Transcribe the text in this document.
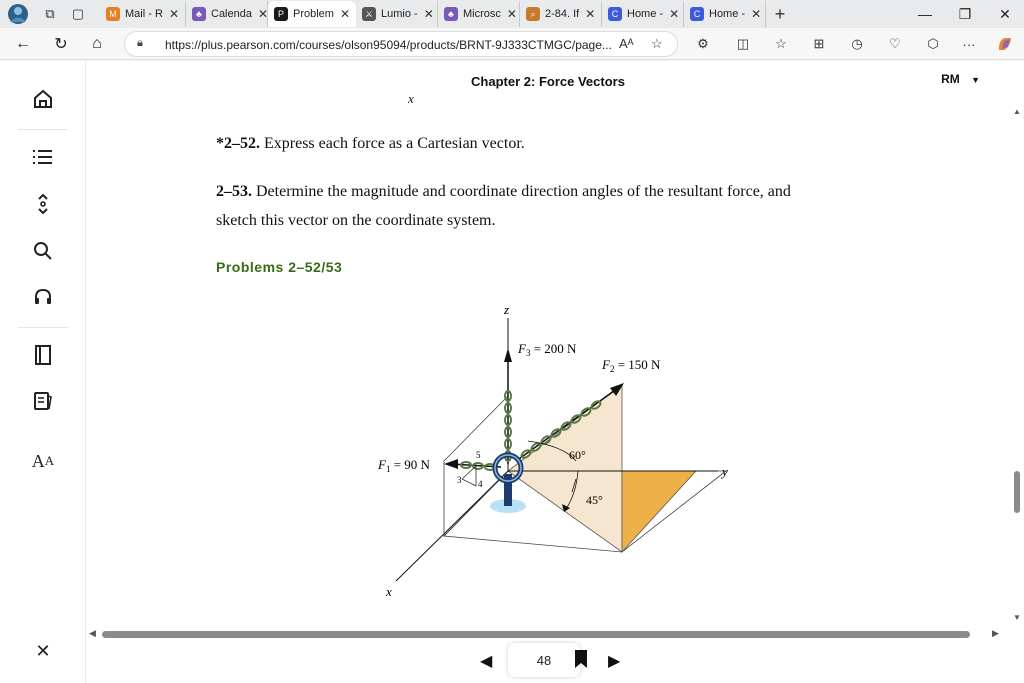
⧉	▢	M Mail - R ✕	♣ Calenda ✕	P Problem ✕	⚔ Lumio - ✕	♣ Microsc ✕	⌕ 2-84. If ✕	C Home - ✕	C Home - ✕ +	—	❐	✕
←	↻	⌂	🔒︎ https://plus.pearson.com/courses/olson95094/products/BRNT-9J333CTMGC/page... Aᴬ ☆	⚙	◫	☆	⊞	◷	♡	⬡	···
A A
✕
Chapter 2: Force Vectors	RM ▼
x
*2–52. Express each force as a Cartesian vector.
2–53. Determine the magnitude and coordinate direction angles of the resultant force, and
sketch this vector on the coordinate system.
Problems 2–52/53
z
y
x
5
3 4
$F_3 = 200$ N
$F_2 = 150$ N
$F_1 = 90$ N
60°
45°
▲
▼
◀	▶
◀	48	▶
